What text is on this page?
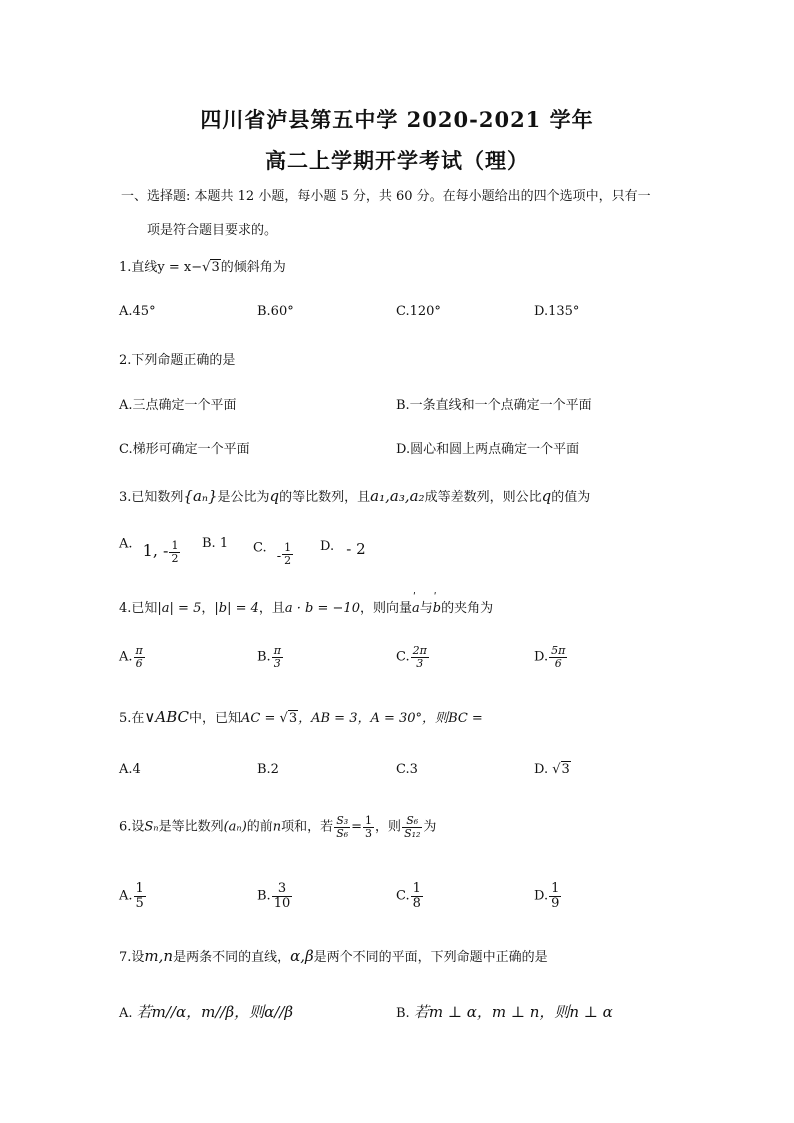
四川省泸县第五中学 2020-2021 学年
高二上学期开学考试（理）
一、选择题: 本题共 12 小题，每小题 5 分，共 60 分。在每小题给出的四个选项中，只有一
项是符合题目要求的。
1.直线y = x−√3的倾斜角为
A.45°	B.60°	C.120°	D.135°
2.下列命题正确的是
A.三点确定一个平面	B.一条直线和一个点确定一个平面
C.梯形可确定一个平面	D.圆心和圆上两点确定一个平面
3.已知数列{aₙ}是公比为q的等比数列，且a₁,a₃,a₂成等差数列，则公比q的值为
A. 1, - $\frac{1}{2} B$. 1 C. - $\frac{1}{2} D$. - 2
4.已知|a| = 5，|b| = 4，且a · b = −10，则向量ʹ a与ʹ b的夹角为
A. $\frac{\pi}{6}$	B. $\frac{\pi}{3}$	C. $\frac{2\pi}{3}$	D. $\frac{5\pi}{6}$
5.在∨ABC中，已知AC = √3，AB = 3，A = 30°，则BC =
A.4	B.2	C.3	D. √3
6.设Sₙ是等比数列(aₙ)的前n项和，若 $\frac{\text{S₃}}{\text{S₆}} = \frac{1}{3}$ ，则 $\frac{\text{S₆}}{\text{S₁₂}}$ 为
A. $\frac{1}{5}$	B. $\frac{3}{10}$	C. $\frac{1}{8}$	D. $\frac{1}{9}$
7.设m,n是两条不同的直线，α,β是两个不同的平面，下列命题中正确的是
A. 若m//α，m//β，则α//β	B. 若m ⊥ α，m ⊥ n，则n ⊥ α
